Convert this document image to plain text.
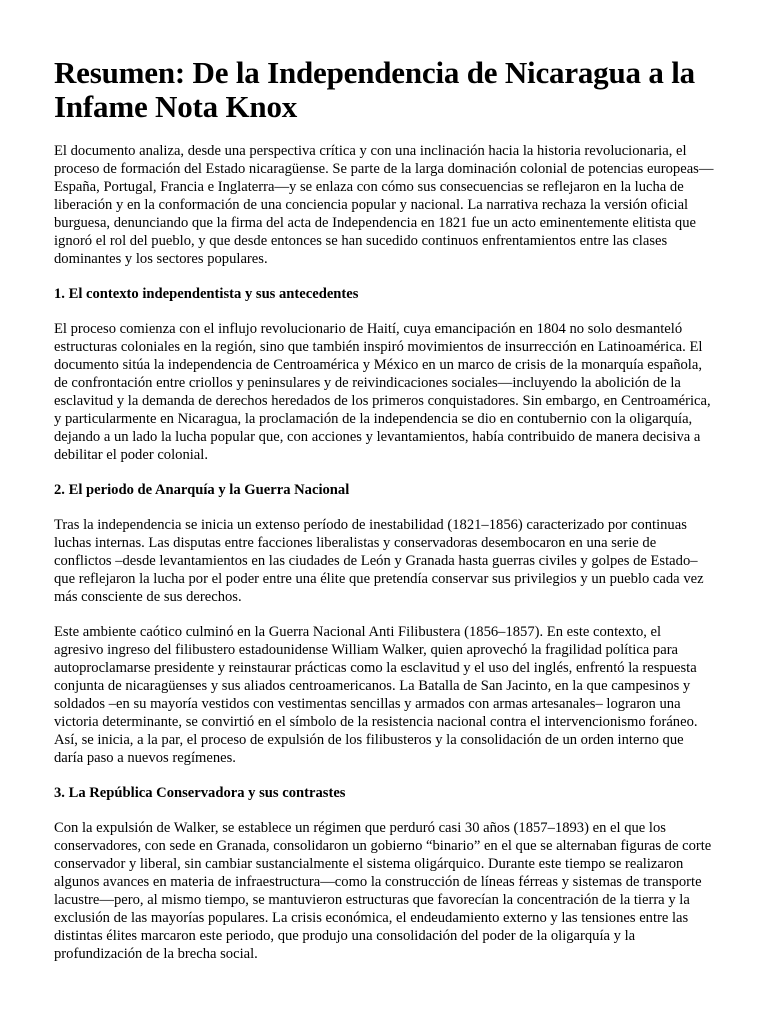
Resumen: De la Independencia de Nicaragua a la Infame Nota Knox

El documento analiza, desde una perspectiva crítica y con una inclinación hacia la historia revolucionaria, el proceso de formación del Estado nicaragüense. Se parte de la larga dominación colonial de potencias europeas—España, Portugal, Francia e Inglaterra—y se enlaza con cómo sus consecuencias se reflejaron en la lucha de liberación y en la conformación de una conciencia popular y nacional. La narrativa rechaza la versión oficial burguesa, denunciando que la firma del acta de Independencia en 1821 fue un acto eminentemente elitista que ignoró el rol del pueblo, y que desde entonces se han sucedido continuos enfrentamientos entre las clases dominantes y los sectores populares.

1. El contexto independentista y sus antecedentes

El proceso comienza con el influjo revolucionario de Haití, cuya emancipación en 1804 no solo desmanteló estructuras coloniales en la región, sino que también inspiró movimientos de insurrección en Latinoamérica. El documento sitúa la independencia de Centroamérica y México en un marco de crisis de la monarquía española, de confrontación entre criollos y peninsulares y de reivindicaciones sociales—incluyendo la abolición de la esclavitud y la demanda de derechos heredados de los primeros conquistadores. Sin embargo, en Centroamérica, y particularmente en Nicaragua, la proclamación de la independencia se dio en contubernio con la oligarquía, dejando a un lado la lucha popular que, con acciones y levantamientos, había contribuido de manera decisiva a debilitar el poder colonial.

2. El periodo de Anarquía y la Guerra Nacional

Tras la independencia se inicia un extenso período de inestabilidad (1821–1856) caracterizado por continuas luchas internas. Las disputas entre facciones liberalistas y conservadoras desembocaron en una serie de conflictos –desde levantamientos en las ciudades de León y Granada hasta guerras civiles y golpes de Estado– que reflejaron la lucha por el poder entre una élite que pretendía conservar sus privilegios y un pueblo cada vez más consciente de sus derechos.

Este ambiente caótico culminó en la Guerra Nacional Anti Filibustera (1856–1857). En este contexto, el agresivo ingreso del filibustero estadounidense William Walker, quien aprovechó la fragilidad política para autoproclamarse presidente y reinstaurar prácticas como la esclavitud y el uso del inglés, enfrentó la respuesta conjunta de nicaragüenses y sus aliados centroamericanos. La Batalla de San Jacinto, en la que campesinos y soldados –en su mayoría vestidos con vestimentas sencillas y armados con armas artesanales– lograron una victoria determinante, se convirtió en el símbolo de la resistencia nacional contra el intervencionismo foráneo. Así, se inicia, a la par, el proceso de expulsión de los filibusteros y la consolidación de un orden interno que daría paso a nuevos regímenes.

3. La República Conservadora y sus contrastes

Con la expulsión de Walker, se establece un régimen que perduró casi 30 años (1857–1893) en el que los conservadores, con sede en Granada, consolidaron un gobierno “binario” en el que se alternaban figuras de corte conservador y liberal, sin cambiar sustancialmente el sistema oligárquico. Durante este tiempo se realizaron algunos avances en materia de infraestructura—como la construcción de líneas férreas y sistemas de transporte lacustre—pero, al mismo tiempo, se mantuvieron estructuras que favorecían la concentración de la tierra y la exclusión de las mayorías populares. La crisis económica, el endeudamiento externo y las tensiones entre las distintas élites marcaron este periodo, que produjo una consolidación del poder de la oligarquía y la profundización de la brecha social.
